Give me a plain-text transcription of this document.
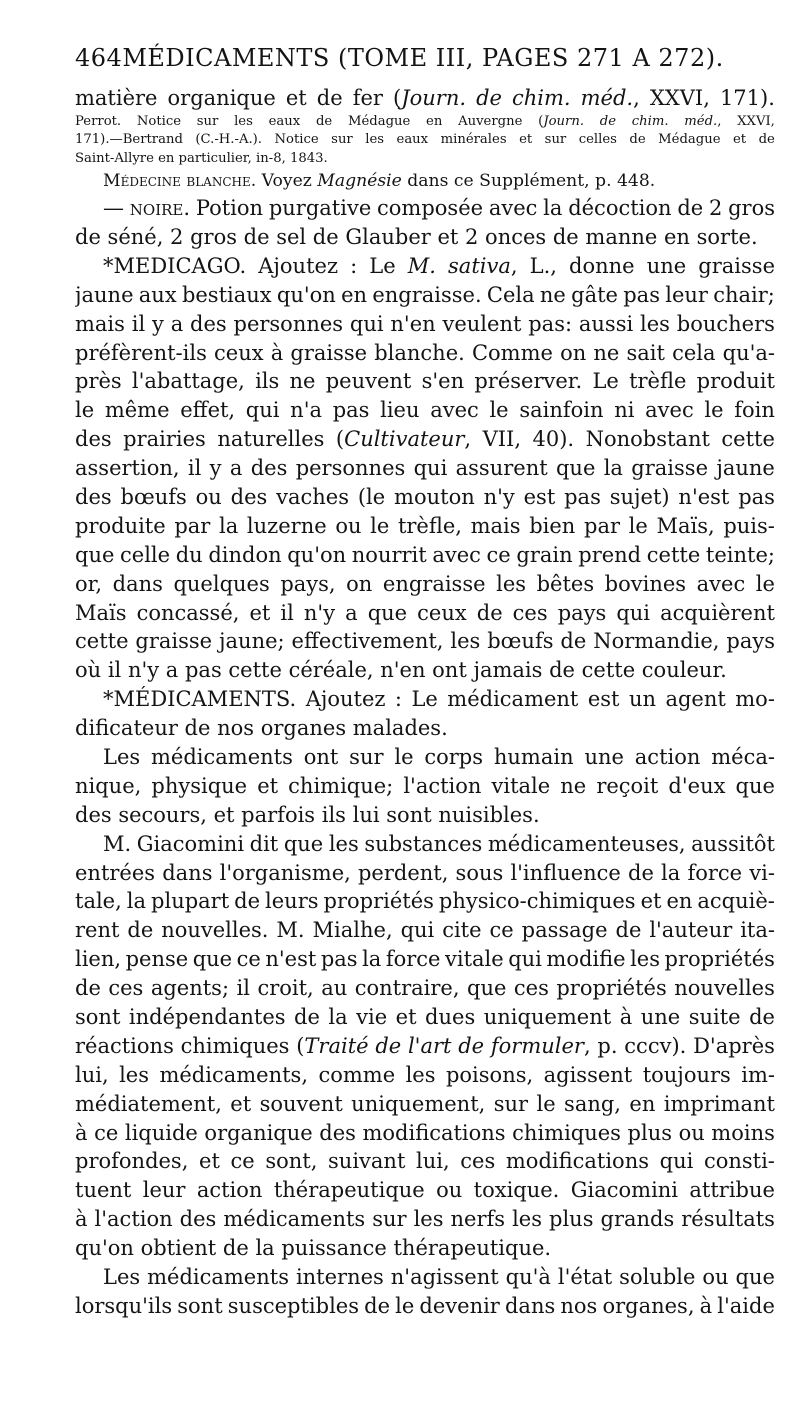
464 MÉDICAMENTS (TOME III, PAGES 271 A 272).
matière organique et de fer (Journ. de chim. méd., XXVI, 171).
Perrot. Notice sur les eaux de Médague en Auvergne (Journ. de chim. méd., XXVI,
171).—Bertrand (C.-H.-A.). Notice sur les eaux minérales et sur celles de Médague et de
Saint-Allyre en particulier, in-8, 1843.
Médecine blanche. Voyez Magnésie dans ce Supplément, p. 448.
— noire. Potion purgative composée avec la décoction de 2 gros
de séné, 2 gros de sel de Glauber et 2 onces de manne en sorte.
*MEDICAGO. Ajoutez : Le M. sativa, L., donne une graisse
jaune aux bestiaux qu'on en engraisse. Cela ne gâte pas leur chair;
mais il y a des personnes qui n'en veulent pas: aussi les bouchers
préfèrent-ils ceux à graisse blanche. Comme on ne sait cela qu'a-
près l'abattage, ils ne peuvent s'en préserver. Le trèfle produit
le même effet, qui n'a pas lieu avec le sainfoin ni avec le foin
des prairies naturelles (Cultivateur, VII, 40). Nonobstant cette
assertion, il y a des personnes qui assurent que la graisse jaune
des bœufs ou des vaches (le mouton n'y est pas sujet) n'est pas
produite par la luzerne ou le trèfle, mais bien par le Maïs, puis-
que celle du dindon qu'on nourrit avec ce grain prend cette teinte;
or, dans quelques pays, on engraisse les bêtes bovines avec le
Maïs concassé, et il n'y a que ceux de ces pays qui acquièrent
cette graisse jaune; effectivement, les bœufs de Normandie, pays
où il n'y a pas cette céréale, n'en ont jamais de cette couleur.
*MÉDICAMENTS. Ajoutez : Le médicament est un agent mo-
dificateur de nos organes malades.
Les médicaments ont sur le corps humain une action méca-
nique, physique et chimique; l'action vitale ne reçoit d'eux que
des secours, et parfois ils lui sont nuisibles.
M. Giacomini dit que les substances médicamenteuses, aussitôt
entrées dans l'organisme, perdent, sous l'influence de la force vi-
tale, la plupart de leurs propriétés physico-chimiques et en acquiè-
rent de nouvelles. M. Mialhe, qui cite ce passage de l'auteur ita-
lien, pense que ce n'est pas la force vitale qui modifie les propriétés
de ces agents; il croit, au contraire, que ces propriétés nouvelles
sont indépendantes de la vie et dues uniquement à une suite de
réactions chimiques (Traité de l'art de formuler, p. cccv). D'après
lui, les médicaments, comme les poisons, agissent toujours im-
médiatement, et souvent uniquement, sur le sang, en imprimant
à ce liquide organique des modifications chimiques plus ou moins
profondes, et ce sont, suivant lui, ces modifications qui consti-
tuent leur action thérapeutique ou toxique. Giacomini attribue
à l'action des médicaments sur les nerfs les plus grands résultats
qu'on obtient de la puissance thérapeutique.
Les médicaments internes n'agissent qu'à l'état soluble ou que
lorsqu'ils sont susceptibles de le devenir dans nos organes, à l'aide
